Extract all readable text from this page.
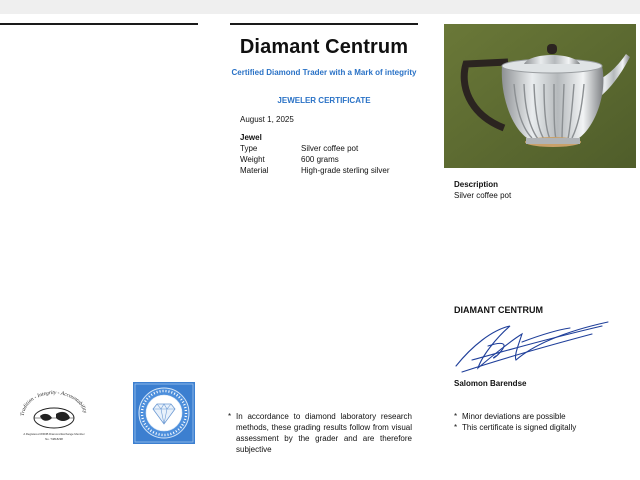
Diamant Centrum
Certified Diamond Trader with a Mark of integrity
JEWELER CERTIFICATE
August 1, 2025
Jewel
Type	Silver coffee pot
Weight	600 grams
Material	High-grade sterling silver
Description
Silver coffee pot
DIAMANT CENTRUM
Salomon Barendse
* In accordance to diamond laboratory research methods, these grading results follow from visual assessment by the grader and are therefore subjective
* Minor deviations are possible
* This certificate is signed digitally
Tradition - Integrity - Accountability
A Registered WFDB Diamond Exchange Member
No. T4818298
